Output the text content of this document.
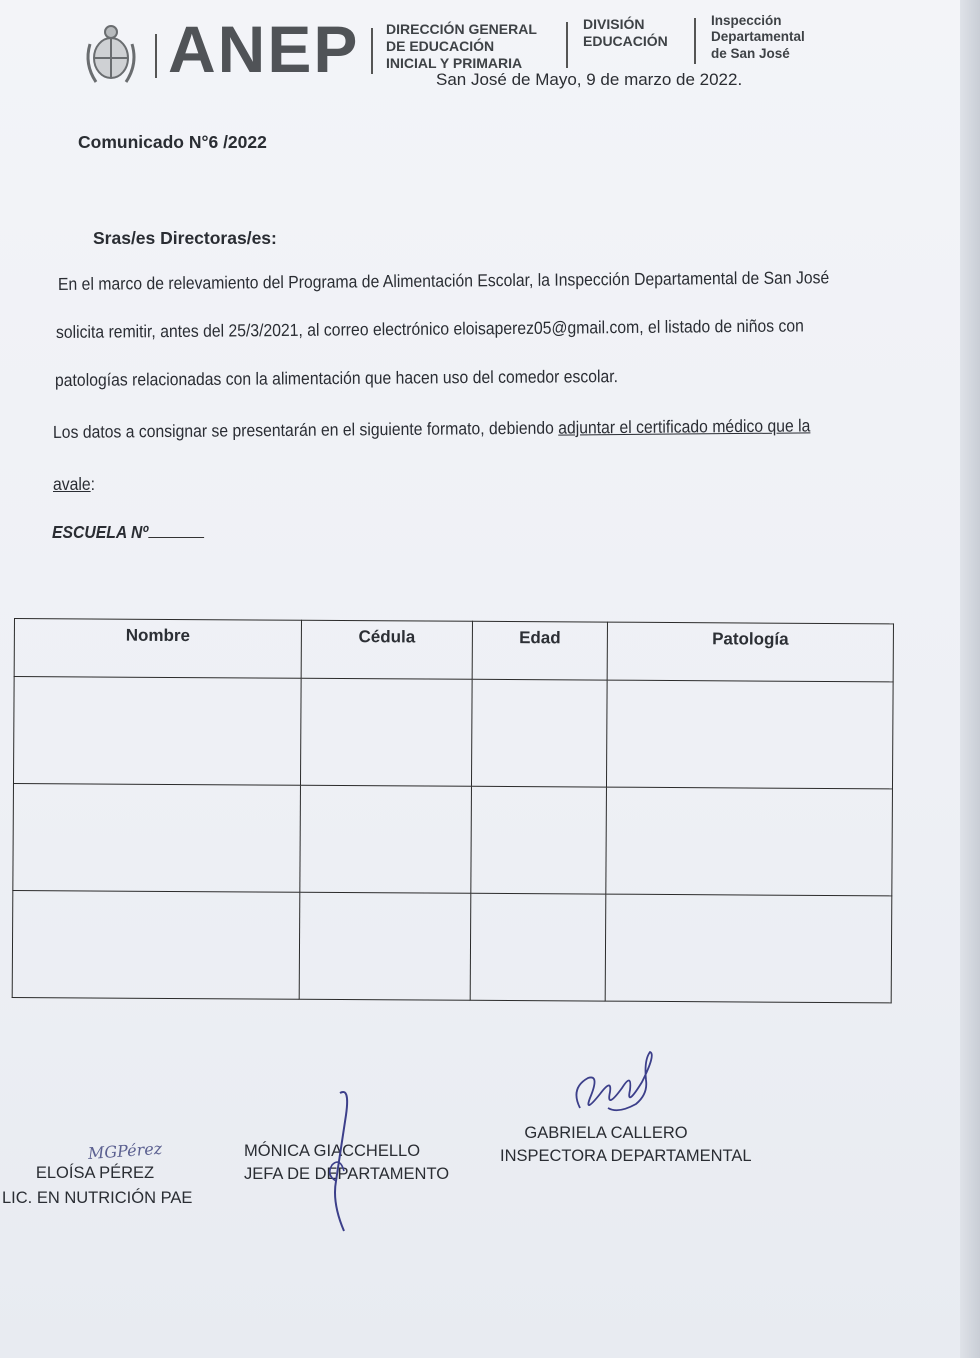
ANEP DIRECCIÓN GENERAL
DE EDUCACIÓN
INICIAL Y PRIMARIA
DIVISIÓN
EDUCACIÓN
Inspección
Departamental
de San José
San José de Mayo, 9 de marzo de 2022.
Comunicado N°6 /2022
Sras/es Directoras/es:
En el marco de relevamiento del Programa de Alimentación Escolar, la Inspección Departamental de San José
solicita remitir, antes del 25/3/2021, al correo electrónico eloisaperez05@gmail.com, el listado de niños con
patologías relacionadas con la alimentación que hacen uso del comedor escolar.
Los datos a consignar se presentarán en el siguiente formato, debiendo adjuntar el certificado médico que la
avale:
ESCUELA Nº
Nombre	Cédula	Edad	Patología

MGPérez
ELOÍSA PÉREZ
LIC. EN NUTRICIÓN PAE
MÓNICA GIACCHELLO
JEFA DE DEPARTAMENTO
GABRIELA CALLERO
INSPECTORA DEPARTAMENTAL
